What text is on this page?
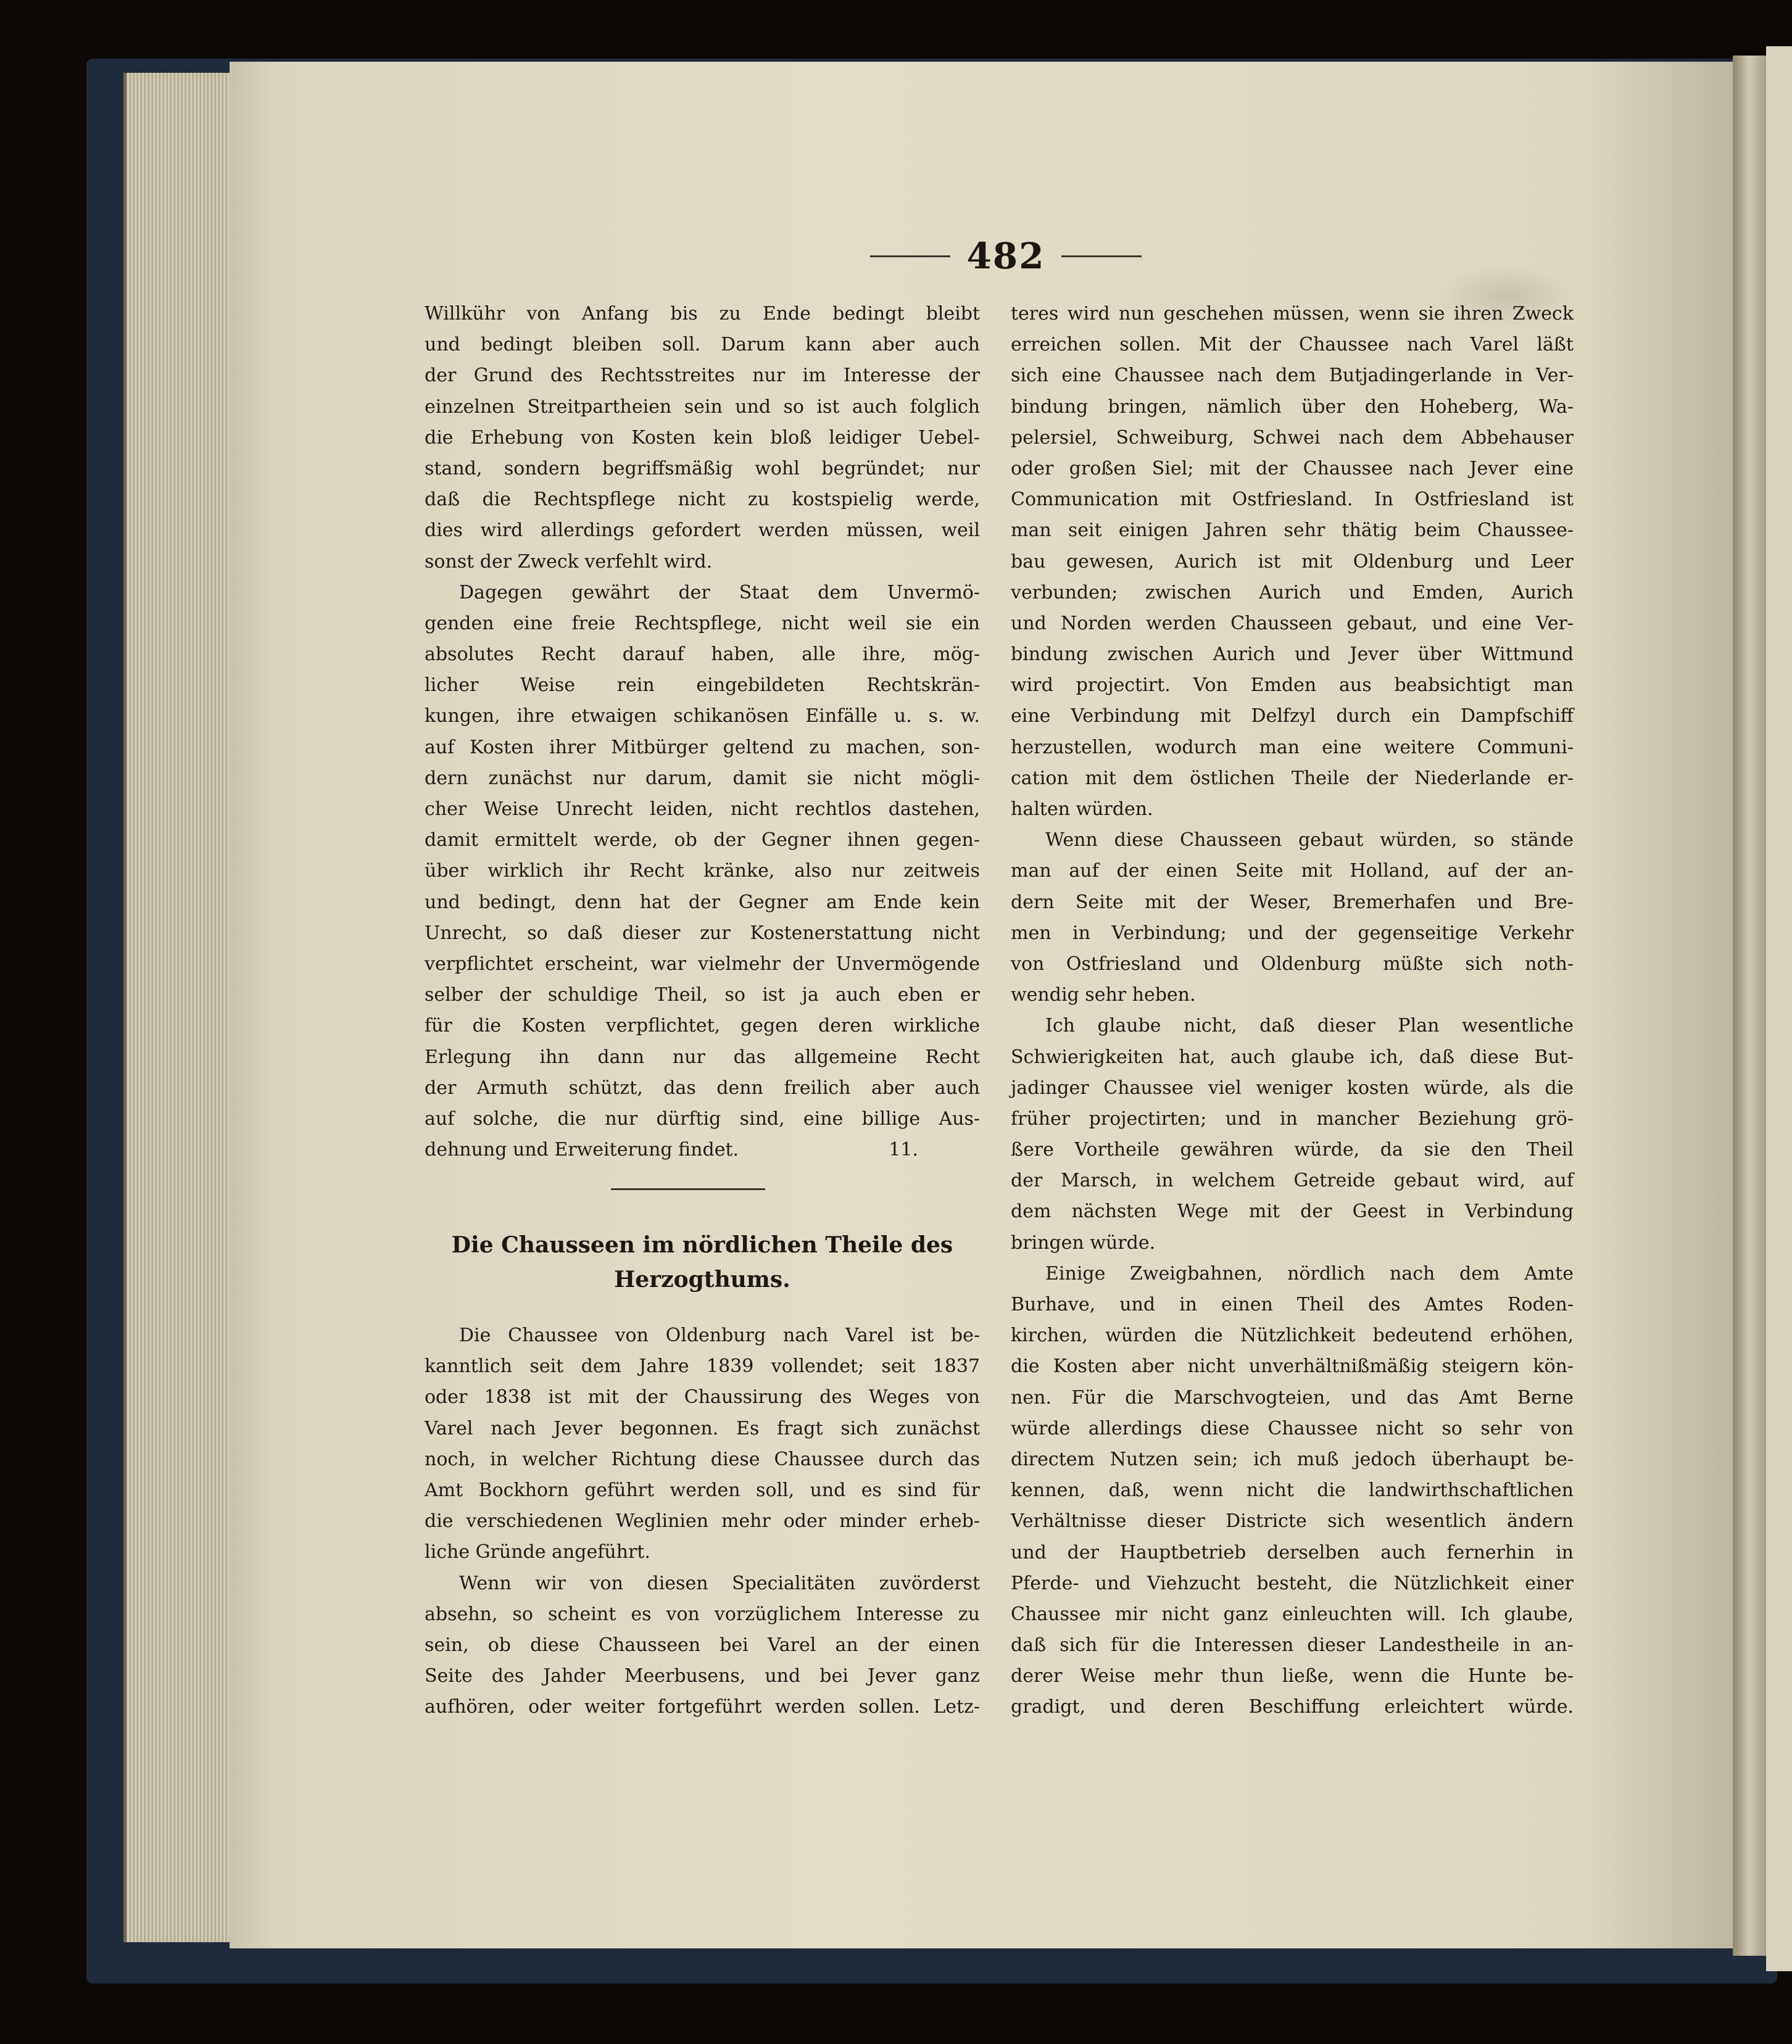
482
Willkühr von Anfang bis zu Ende bedingt bleibt
und bedingt bleiben soll. Darum kann aber auch
der Grund des Rechtsstreites nur im Interesse der
einzelnen Streitpartheien sein und so ist auch folglich
die Erhebung von Kosten kein bloß leidiger Uebel-
stand, sondern begriffsmäßig wohl begründet; nur
daß die Rechtspflege nicht zu kostspielig werde,
dies wird allerdings gefordert werden müssen, weil
sonst der Zweck verfehlt wird.
Dagegen gewährt der Staat dem Unvermö-
genden eine freie Rechtspflege, nicht weil sie ein
absolutes Recht darauf haben, alle ihre, mög-
licher Weise rein eingebildeten Rechtskrän-
kungen, ihre etwaigen schikanösen Einfälle u. s. w.
auf Kosten ihrer Mitbürger geltend zu machen, son-
dern zunächst nur darum, damit sie nicht mögli-
cher Weise Unrecht leiden, nicht rechtlos dastehen,
damit ermittelt werde, ob der Gegner ihnen gegen-
über wirklich ihr Recht kränke, also nur zeitweis
und bedingt, denn hat der Gegner am Ende kein
Unrecht, so daß dieser zur Kostenerstattung nicht
verpflichtet erscheint, war vielmehr der Unvermögende
selber der schuldige Theil, so ist ja auch eben er
für die Kosten verpflichtet, gegen deren wirkliche
Erlegung ihn dann nur das allgemeine Recht
der Armuth schützt, das denn freilich aber auch
auf solche, die nur dürftig sind, eine billige Aus-
dehnung und Erweiterung findet.	11.
Die Chausseen im nördlichen Theile des
Herzogthums.
Die Chaussee von Oldenburg nach Varel ist be-
kanntlich seit dem Jahre 1839 vollendet; seit 1837
oder 1838 ist mit der Chaussirung des Weges von
Varel nach Jever begonnen. Es fragt sich zunächst
noch, in welcher Richtung diese Chaussee durch das
Amt Bockhorn geführt werden soll, und es sind für
die verschiedenen Weglinien mehr oder minder erheb-
liche Gründe angeführt.
Wenn wir von diesen Specialitäten zuvörderst
absehn, so scheint es von vorzüglichem Interesse zu
sein, ob diese Chausseen bei Varel an der einen
Seite des Jahder Meerbusens, und bei Jever ganz
aufhören, oder weiter fortgeführt werden sollen. Letz-
teres wird nun geschehen müssen, wenn sie ihren Zweck
erreichen sollen. Mit der Chaussee nach Varel läßt
sich eine Chaussee nach dem Butjadingerlande in Ver-
bindung bringen, nämlich über den Hoheberg, Wa-
pelersiel, Schweiburg, Schwei nach dem Abbehauser
oder großen Siel; mit der Chaussee nach Jever eine
Communication mit Ostfriesland. In Ostfriesland ist
man seit einigen Jahren sehr thätig beim Chaussee-
bau gewesen, Aurich ist mit Oldenburg und Leer
verbunden; zwischen Aurich und Emden, Aurich
und Norden werden Chausseen gebaut, und eine Ver-
bindung zwischen Aurich und Jever über Wittmund
wird projectirt. Von Emden aus beabsichtigt man
eine Verbindung mit Delfzyl durch ein Dampfschiff
herzustellen, wodurch man eine weitere Communi-
cation mit dem östlichen Theile der Niederlande er-
halten würden.
Wenn diese Chausseen gebaut würden, so stände
man auf der einen Seite mit Holland, auf der an-
dern Seite mit der Weser, Bremerhafen und Bre-
men in Verbindung; und der gegenseitige Verkehr
von Ostfriesland und Oldenburg müßte sich noth-
wendig sehr heben.
Ich glaube nicht, daß dieser Plan wesentliche
Schwierigkeiten hat, auch glaube ich, daß diese But-
jadinger Chaussee viel weniger kosten würde, als die
früher projectirten; und in mancher Beziehung grö-
ßere Vortheile gewähren würde, da sie den Theil
der Marsch, in welchem Getreide gebaut wird, auf
dem nächsten Wege mit der Geest in Verbindung
bringen würde.
Einige Zweigbahnen, nördlich nach dem Amte
Burhave, und in einen Theil des Amtes Roden-
kirchen, würden die Nützlichkeit bedeutend erhöhen,
die Kosten aber nicht unverhältnißmäßig steigern kön-
nen. Für die Marschvogteien, und das Amt Berne
würde allerdings diese Chaussee nicht so sehr von
directem Nutzen sein; ich muß jedoch überhaupt be-
kennen, daß, wenn nicht die landwirthschaftlichen
Verhältnisse dieser Districte sich wesentlich ändern
und der Hauptbetrieb derselben auch fernerhin in
Pferde- und Viehzucht besteht, die Nützlichkeit einer
Chaussee mir nicht ganz einleuchten will. Ich glaube,
daß sich für die Interessen dieser Landestheile in an-
derer Weise mehr thun ließe, wenn die Hunte be-
gradigt, und deren Beschiffung erleichtert würde.
